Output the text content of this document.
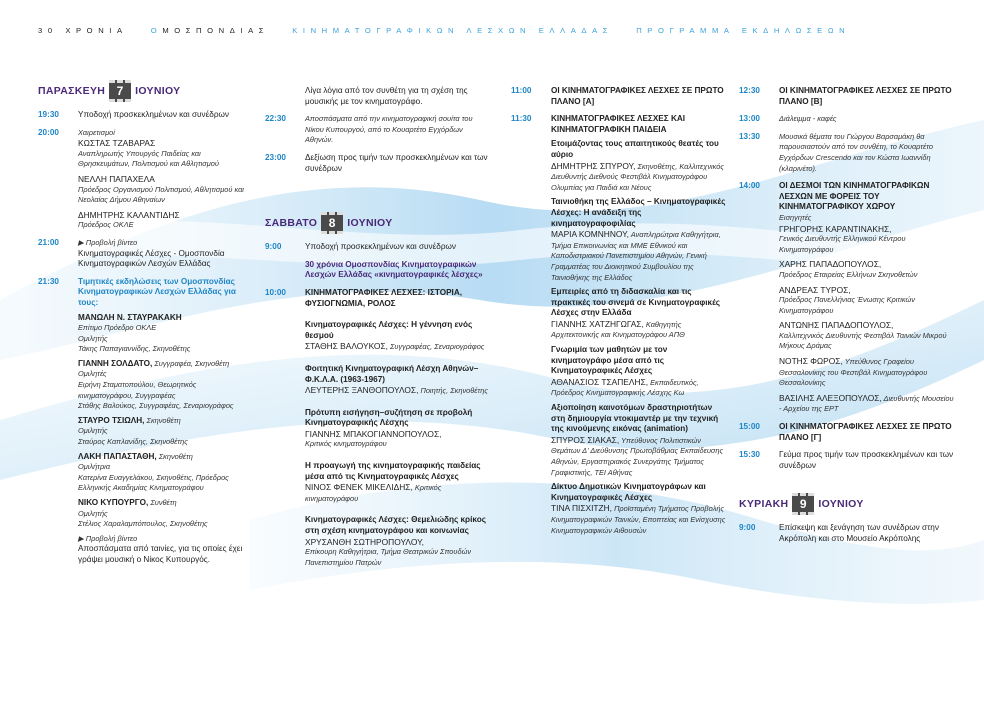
30 ΧΡΟΝΙΑ	ΟΜΟΣΠΟΝΔΙΑΣ	ΚΙΝΗΜΑΤΟΓΡΑΦΙΚΩΝ ΛΕΣΧΩΝ ΕΛΛΑΔΑΣ	ΠΡΟΓΡΑΜΜΑ ΕΚΔΗΛΩΣΕΩΝ
ΠΑΡΑΣΚΕΥΗ 7	ΙΟΥΝΙΟΥ
19:30	Υποδοχή προσκεκλημένων και συνέδρων
20:00	Χαιρετισμοί
ΚΩΣΤΑΣ ΤΖΑΒΑΡΑΣ
Αναπληρωτής Υπουργός Παιδείας και Θρησκευμάτων, Πολιτισμού και Αθλητισμού
ΝΕΛΛΗ ΠΑΠΑΧΕΛΑ
Πρόεδρος Οργανισμού Πολιτισμού, Αθλητισμού και Νεολαίας Δήμου Αθηναίων
ΔΗΜΗΤΡΗΣ ΚΑΛΑΝΤΙΔΗΣ
Πρόεδρος ΟΚΛΕ
21:00	▶ Προβολή βίντεο
Κινηματογραφικές Λέσχες - Ομοσπονδία Κινηματογραφικών Λεσχών Ελλάδας
21:30	Τιμητικές εκδηλώσεις των Ομοσπονδίας Κινηματογραφικών Λεσχών Ελλάδας για τους:
ΜΑΝΩΛΗ Ν. ΣΤΑΥΡΑΚΑΚΗ
Επίτιμο Πρόεδρο ΟΚΛΕ
Ομιλητής
Τάκης Παπαγιαννίδης, Σκηνοθέτης
ΓΙΑΝΝΗ ΣΟΛΔΑΤΟ, Συγγραφέα, Σκηνοθέτη
Ομιλητές
Ειρήνη Σταματοπούλου, Θεωρητικός κινηματογράφου, Συγγραφέας
Στάθης Βαλούκος, Συγγραφέας, Σεναριογράφος
ΣΤΑΥΡΟ ΤΣΙΩΛΗ, Σκηνοθέτη
Ομιλητής
Σταύρος Καπλανίδης, Σκηνοθέτης
ΛΑΚΗ ΠΑΠΑΣΤΑΘΗ, Σκηνοθέτη
Ομιλήτρια
Κατερίνα Ευαγγελάκου, Σκηνοθέτις, Πρόεδρος Ελληνικής Ακαδημίας Κινηματογράφου
ΝΙΚΟ ΚΥΠΟΥΡΓΟ, Συνθέτη
Ομιλητής
Στέλιος Χαραλαμπόπουλος, Σκηνοθέτης
▶ Προβολή βίντεο
Αποσπάσματα από ταινίες, για τις οποίες έχει γράψει μουσική ο Νίκος Κυπουργός.
Λίγα λόγια από τον συνθέτη για τη σχέση της μουσικής με τον κινηματογράφο.
22:30	Αποσπάσματα από την κινηματογραφική σουίτα του Νίκου Κυπουργού, από το Κουαρτέτο Εγχόρδων Αθηνών.
23:00	Δεξίωση προς τιμήν των προσκεκλημένων και των συνέδρων
ΣΑΒΒΑΤΟ 8	ΙΟΥΝΙΟΥ
9:00	Υποδοχή προσκεκλημένων και συνέδρων
30 χρόνια Ομοσπονδίας Κινηματογραφικών Λεσχών Ελλάδας «κινηματογραφικές λέσχες»
10:00	ΚΙΝΗΜΑΤΟΓΡΑΦΙΚΕΣ ΛΕΣΧΕΣ: ΙΣΤΟΡΙΑ, ΦΥΣΙΟΓΝΩΜΙΑ, ΡΟΛΟΣ
Κινηματογραφικές Λέσχες: Η γέννηση ενός θεσμού
ΣΤΑΘΗΣ ΒΑΛΟΥΚΟΣ, Συγγραφέας, Σεναριογράφος
Φοιτητική Κινηματογραφική Λέσχη Αθηνών–Φ.Κ.Λ.Α. (1963-1967)
ΛΕΥΤΕΡΗΣ ΞΑΝΘΟΠΟΥΛΟΣ, Ποιητής, Σκηνοθέτης
Πρότυπη εισήγηση–συζήτηση σε προβολή Κινηματογραφικής Λέσχης
ΓΙΑΝΝΗΣ ΜΠΑΚΟΓΙΑΝΝΟΠΟΥΛΟΣ,
Κριτικός κινηματογράφου
Η προαγωγή της κινηματογραφικής παιδείας μέσα από τις Κινηματογραφικές Λέσχες
ΝΙΝΟΣ ΦΕΝΕΚ ΜΙΚΕΛΙΔΗΣ, Κριτικός κινηματογράφου
Κινηματογραφικές Λέσχες: Θεμελιώδης κρίκος στη σχέση κινηματογράφου και κοινωνίας
ΧΡΥΣΑΝΘΗ ΣΩΤΗΡΟΠΟΥΛΟΥ,
Επίκουρη Καθηγήτρια, Τμήμα Θεατρικών Σπουδών Πανεπιστημίου Πατρών
11:00	ΟΙ ΚΙΝΗΜΑΤΟΓΡΑΦΙΚΕΣ ΛΕΣΧΕΣ ΣΕ ΠΡΩΤΟ ΠΛΑΝΟ [Α]
11:30	ΚΙΝΗΜΑΤΟΓΡΑΦΙΚΕΣ ΛΕΣΧΕΣ ΚΑΙ ΚΙΝΗΜΑΤΟΓΡΑΦΙΚΗ ΠΑΙΔΕΙΑ
Ετοιμάζοντας τους απαιτητικούς θεατές του αύριο
ΔΗΜΗΤΡΗΣ ΣΠΥΡΟΥ, Σκηνοθέτης, Καλλιτεχνικός Διευθυντής Διεθνούς Φεστιβάλ Κινηματογράφου Ολυμπίας για Παιδιά και Νέους
Ταινιοθήκη της Ελλάδος – Κινηματογραφικές Λέσχες: Η ανάδειξη της κινηματογραφοφιλίας
ΜΑΡΙΑ ΚΟΜΝΗΝΟΥ, Αναπληρώτρια Καθηγήτρια, Τμήμα Επικοινωνίας και ΜΜΕ Εθνικού και Καποδιστριακού Πανεπιστημίου Αθηνών, Γενική Γραμματέας του Διοικητικού Συμβουλίου της Ταινιοθήκης της Ελλάδος
Εμπειρίες από τη διδασκαλία και τις πρακτικές του σινεμά σε Κινηματογραφικές Λέσχες στην Ελλάδα
ΓΙΑΝΝΗΣ ΧΑΤΖΗΓΩΓΑΣ, Καθηγητής Αρχιτεκτονικής και Κινηματογράφου ΑΠΘ
Γνωριμία των μαθητών με τον κινηματογράφο μέσα από τις Κινηματογραφικές Λέσχες
ΑΘΑΝΑΣΙΟΣ ΤΣΑΠΕΛΗΣ, Εκπαιδευτικός, Πρόεδρος Κινηματογραφικής Λέσχης Κω
Αξιοποίηση καινοτόμων δραστηριοτήτων στη δημιουργία ντοκιμαντέρ με την τεχνική της κινούμενης εικόνας (animation)
ΣΠΥΡΟΣ ΣΙΑΚΑΣ, Υπεύθυνος Πολιτιστικών Θεμάτων Δ' Διεύθυνσης Πρωτοβάθμιας Εκπαίδευσης Αθηνών, Εργαστηριακός Συνεργάτης Τμήματος Γραφιστικής, ΤΕΙ Αθήνας
Δίκτυο Δημοτικών Κινηματογράφων και Κινηματογραφικές Λέσχες
ΤΙΝΑ ΠΙΣΧΙΤΖΗ, Προϊσταμένη Τμήματος Προβολής Κινηματογραφικών Ταινιών, Εποπτείας και Ενίσχυσης Κινηματογραφικών Αιθουσών
12:30	ΟΙ ΚΙΝΗΜΑΤΟΓΡΑΦΙΚΕΣ ΛΕΣΧΕΣ ΣΕ ΠΡΩΤΟ ΠΛΑΝΟ [Β]
13:00	Διάλειμμα - καφές
13:30	Μουσικά θέματα του Γιώργου Βαρσαμάκη θα παρουσιαστούν από τον συνθέτη, το Κουαρτέτο Εγχόρδων Crescendo και τον Κώστα Ιωαννίδη (κλαρινέτο).
14:00	ΟΙ ΔΕΣΜΟΙ ΤΩΝ ΚΙΝΗΜΑΤΟΓΡΑΦΙΚΩΝ ΛΕΣΧΩΝ ΜΕ ΦΟΡΕΙΣ ΤΟΥ ΚΙΝΗΜΑΤΟΓΡΑΦΙΚΟΥ ΧΩΡΟΥ
Εισηγητές
ΓΡΗΓΟΡΗΣ ΚΑΡΑΝΤΙΝΑΚΗΣ,
Γενικός Διευθυντής Ελληνικού Κέντρου Κινηματογράφου
ΧΑΡΗΣ ΠΑΠΑΔΟΠΟΥΛΟΣ,
Πρόεδρος Εταιρείας Ελλήνων Σκηνοθετών
ΑΝΔΡΕΑΣ ΤΥΡΟΣ,
Πρόεδρος Πανελλήνιας Ένωσης Κριτικών Κινηματογράφου
ΑΝΤΩΝΗΣ ΠΑΠΑΔΟΠΟΥΛΟΣ,
Καλλιτεχνικός Διευθυντής Φεστιβάλ Ταινιών Μικρού Μήκους Δράμας
ΝΟΤΗΣ ΦΩΡΟΣ, Υπεύθυνος Γραφείου Θεσσαλονίκης του Φεστιβάλ Κινηματογράφου Θεσσαλονίκης
ΒΑΣΙΛΗΣ ΑΛΕΞΟΠΟΥΛΟΣ, Διευθυντής Μουσείου - Αρχείου της ΕΡΤ
15:00	ΟΙ ΚΙΝΗΜΑΤΟΓΡΑΦΙΚΕΣ ΛΕΣΧΕΣ ΣΕ ΠΡΩΤΟ ΠΛΑΝΟ [Γ]
15:30	Γεύμα προς τιμήν των προσκεκλημένων και των συνέδρων
ΚΥΡΙΑΚΗ 9	ΙΟΥΝΙΟΥ
9:00	Επίσκεψη και ξενάγηση των συνέδρων στην Ακρόπολη και στο Μουσείο Ακρόπολης
